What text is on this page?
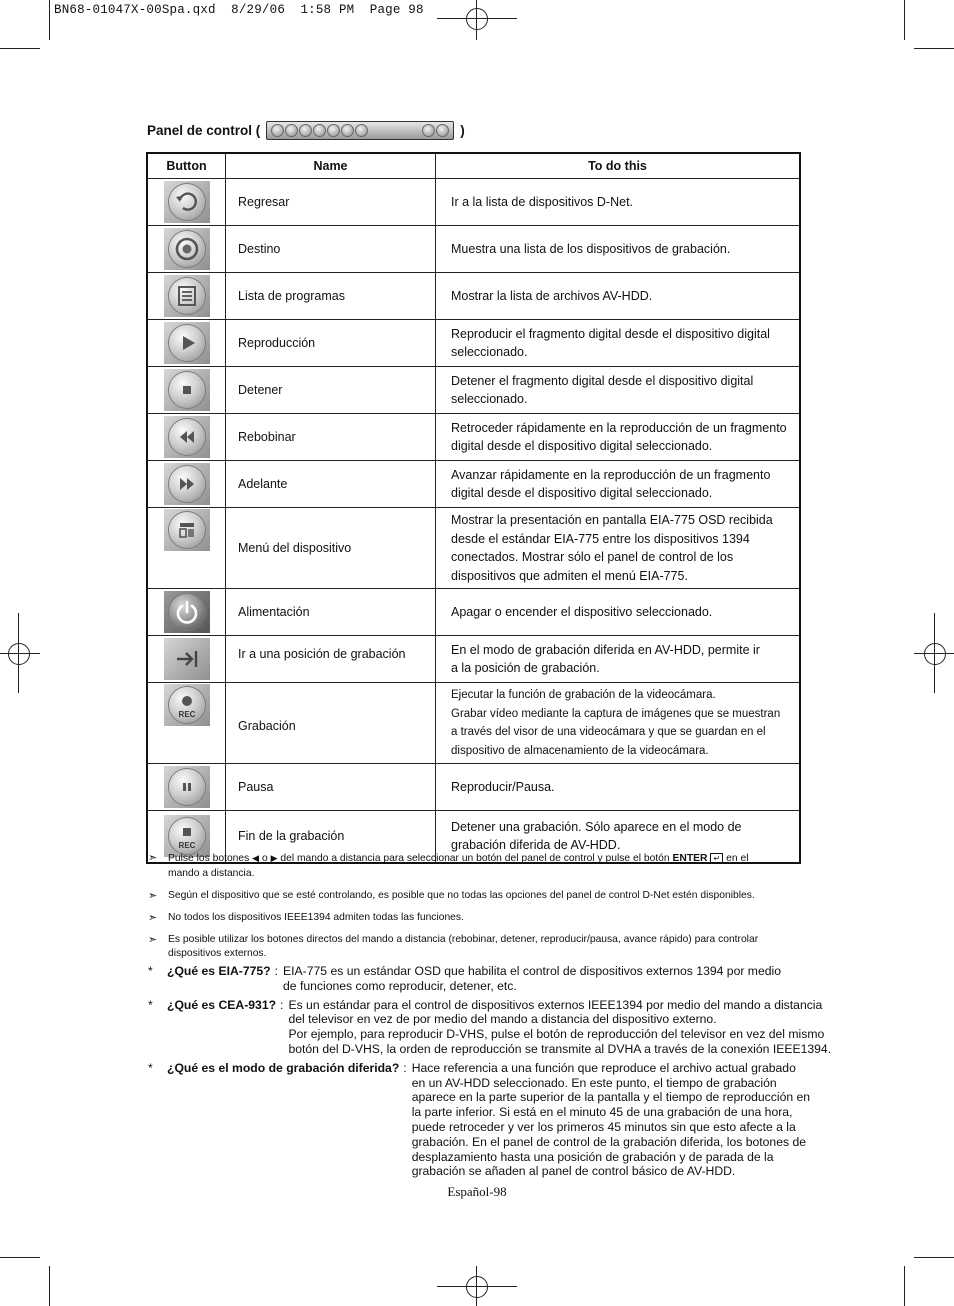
BN68-01047X-00Spa.qxd  8/29/06  1:58 PM  Page 98
Panel de control (	)
Button	Name	To do this

	Regresar	Ir a la lista de dispositivos D-Net.

	Destino	Muestra una lista de los dispositivos de grabación.

	Lista de programas	Mostrar la lista de archivos AV-HDD.

	Reproducción	Reproducir el fragmento digital desde el dispositivo digital
seleccionado.

	Detener	Detener el fragmento digital desde el dispositivo digital
seleccionado.

	Rebobinar	Retroceder rápidamente en la reproducción de un fragmento
digital desde el dispositivo digital seleccionado.

	Adelante	Avanzar rápidamente en la reproducción de un fragmento
digital desde el dispositivo digital seleccionado.

	Menú del dispositivo	Mostrar la presentación en pantalla EIA-775 OSD recibida
desde el estándar EIA-775 entre los dispositivos 1394
conectados. Mostrar sólo el panel de control de los
dispositivos que admiten el menú EIA-775.

	Alimentación	Apagar o encender el dispositivo seleccionado.

	Ir a una posición de grabación	En el modo de grabación diferida en AV-HDD, permite ir
a la posición de grabación.

REC	Grabación	Ejecutar la función de grabación de la videocámara.
Grabar vídeo mediante la captura de imágenes que se muestran
a través del visor de una videocámara y que se guardan en el
dispositivo de almacenamiento de la videocámara.

	Pausa	Reproducir/Pausa.

REC	Fin de la grabación	Detener una grabación. Sólo aparece en el modo de
grabación diferida de AV-HDD.
➣	Pulse los botones ◀ o ▶ del mando a distancia para seleccionar un botón del panel de control y pulse el botón ENTER ↵ en el
mando a distancia.
➣	Según el dispositivo que se esté controlando, es posible que no todas las opciones del panel de control D-Net estén disponibles.
➣	No todos los dispositivos IEEE1394 admiten todas las funciones.
➣	Es posible utilizar los botones directos del mando a distancia (rebobinar, detener, reproducir/pausa, avance rápido) para controlar
dispositivos externos.
*	¿Qué es EIA-775? : EIA-775 es un estándar OSD que habilita el control de dispositivos externos 1394 por medio

de funciones como reproducir, detener, etc.

*	¿Qué es CEA-931? : Es un estándar para el control de dispositivos externos IEEE1394 por medio del mando a distancia

del televisor en vez de por medio del mando a distancia del dispositivo externo.

Por ejemplo, para reproducir D-VHS, pulse el botón de reproducción del televisor en vez del mismo

botón del D-VHS, la orden de reproducción se transmite al DVHA a través de la conexión IEEE1394.

*	¿Qué es el modo de grabación diferida? : Hace referencia a una función que reproduce el archivo actual grabado

en un AV-HDD seleccionado. En este punto, el tiempo de grabación

aparece en la parte superior de la pantalla y el tiempo de reproducción en

la parte inferior. Si está en el minuto 45 de una grabación de una hora,

puede retroceder y ver los primeros 45 minutos sin que esto afecte a la

grabación. En el panel de control de la grabación diferida, los botones de

desplazamiento hasta una posición de grabación y de parada de la

grabación se añaden al panel de control básico de AV-HDD.

Español-98
